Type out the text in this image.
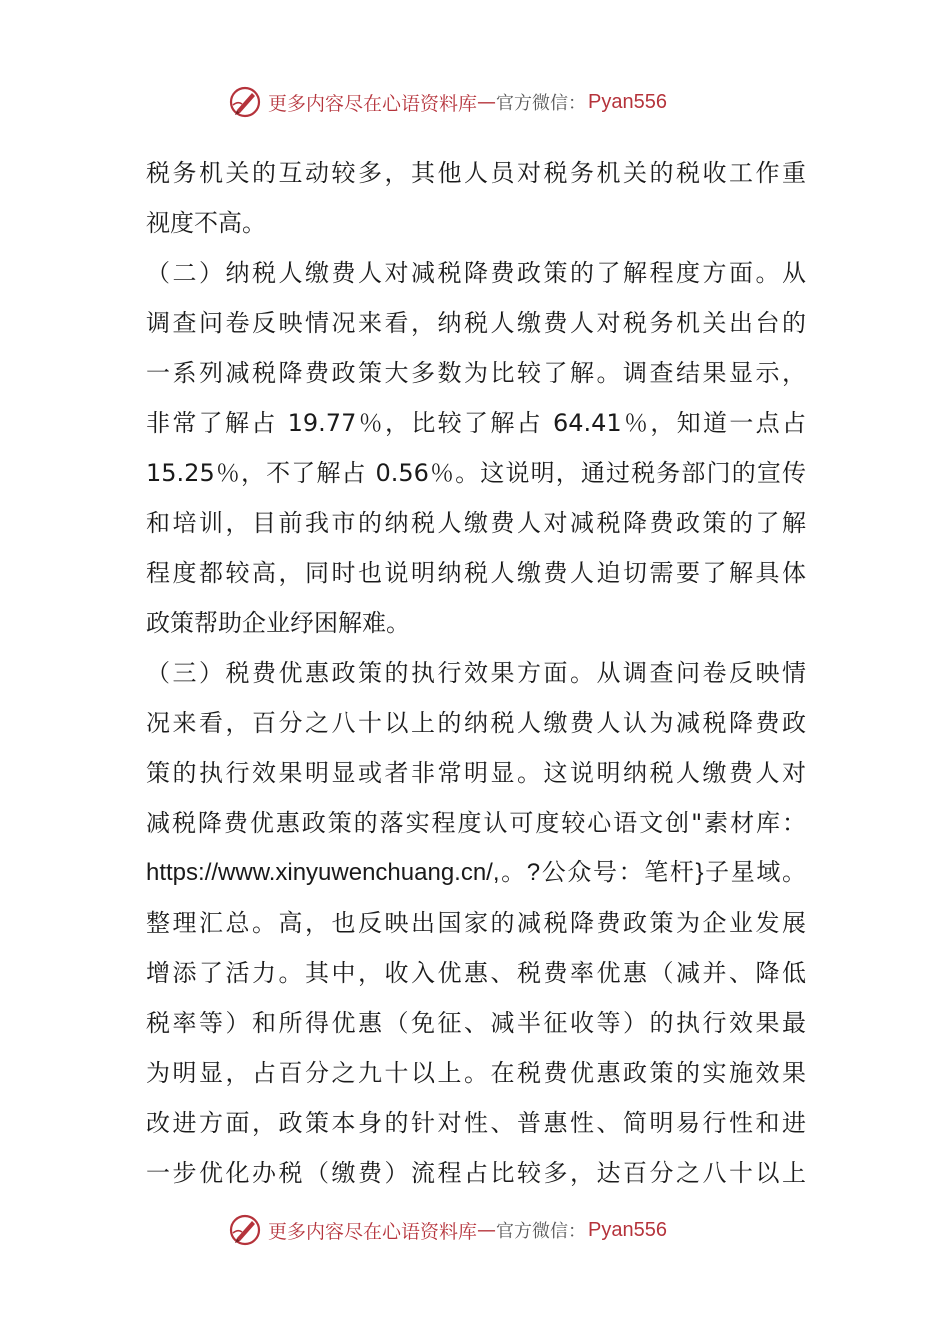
更多内容尽在心语资料库 — 官方微信： Pyan556
税务机关的互动较多，其他人员对税务机关的税收工作重
视度不高。
（二）纳税人缴费人对减税降费政策的了解程度方面。从
调查问卷反映情况来看，纳税人缴费人对税务机关出台的
一系列减税降费政策大多数为比较了解。调查结果显示，
非常了解占 19.77％，比较了解占 64.41％，知道一点占
15.25％，不了解占 0.56％。这说明，通过税务部门的宣传
和培训，目前我市的纳税人缴费人对减税降费政策的了解
程度都较高，同时也说明纳税人缴费人迫切需要了解具体
政策帮助企业纾困解难。
（三）税费优惠政策的执行效果方面。从调查问卷反映情
况来看，百分之八十以上的纳税人缴费人认为减税降费政
策的执行效果明显或者非常明显。这说明纳税人缴费人对
减税降费优惠政策的落实程度认可度较心语文创"素材库：
https://www.xinyuwenchuang.cn/,。?公众号：笔杆}子星域。
整理汇总。高，也反映出国家的减税降费政策为企业发展
增添了活力。其中，收入优惠、税费率优惠（减并、降低
税率等）和所得优惠（免征、减半征收等）的执行效果最
为明显，占百分之九十以上。在税费优惠政策的实施效果
改进方面，政策本身的针对性、普惠性、简明易行性和进
一步优化办税（缴费）流程占比较多，达百分之八十以上
更多内容尽在心语资料库 — 官方微信： Pyan556
